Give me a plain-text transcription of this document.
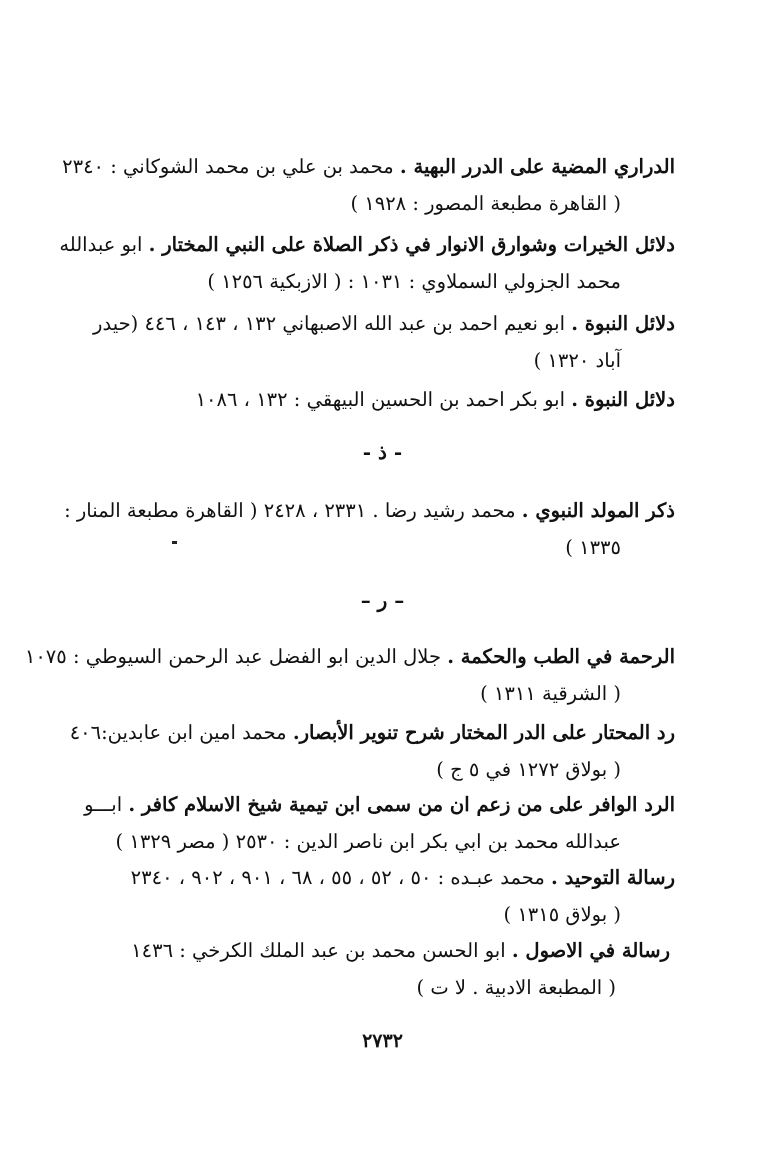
الدراري المضية على الدرر البهية . محمد بن علي بن محمد الشوكاني : ٢٣٤٠
( القاهرة مطبعة المصور : ١٩٢٨ )
دلائل الخيرات وشوارق الانوار في ذكر الصلاة على النبي المختار . ابو عبدالله
محمد الجزولي السملاوي : ١٠٣١ : ( الازبكية ١٢٥٦ )
دلائل النبوة . ابو نعيم احمد بن عبد الله الاصبهاني ١٣٢ ، ١٤٣ ، ٤٤٦ (حيدر
آباد ١٣٢٠ )
دلائل النبوة . ابو بكر احمد بن الحسين البيهقي : ١٣٢ ، ١٠٨٦
- ذ -
ذكر المولد النبوي . محمد رشيد رضا . ٢٣٣١ ، ٢٤٢٨ ( القاهرة مطبعة المنار :
١٣٣٥ )
– ر –
الرحمة في الطب والحكمة . جلال الدين ابو الفضل عبد الرحمن السيوطي : ١٠٧٥
( الشرقية ١٣١١ )
رد المحتار على الدر المختار شرح تنوير الأبصار. محمد امين ابن عابدين:٤٠٦
( بولاق ١٢٧٢ في ٥ ج )
الرد الوافر على من زعم ان من سمى ابن تيمية شيخ الاسلام كافر . ابـــو
عبدالله محمد بن ابي بكر ابن ناصر الدين : ٢٥٣٠ ( مصر ١٣٢٩ )
رسالة التوحيد . محمد عبـده : ٥٠ ، ٥٢ ، ٥٥ ، ٦٨ ، ٩٠١ ، ٩٠٢ ، ٢٣٤٠
( بولاق ١٣١٥ )
رسالة في الاصول . ابو الحسن محمد بن عبد الملك الكرخي : ١٤٣٦
( المطبعة الادبية . لا ت )
٢٧٣٢
